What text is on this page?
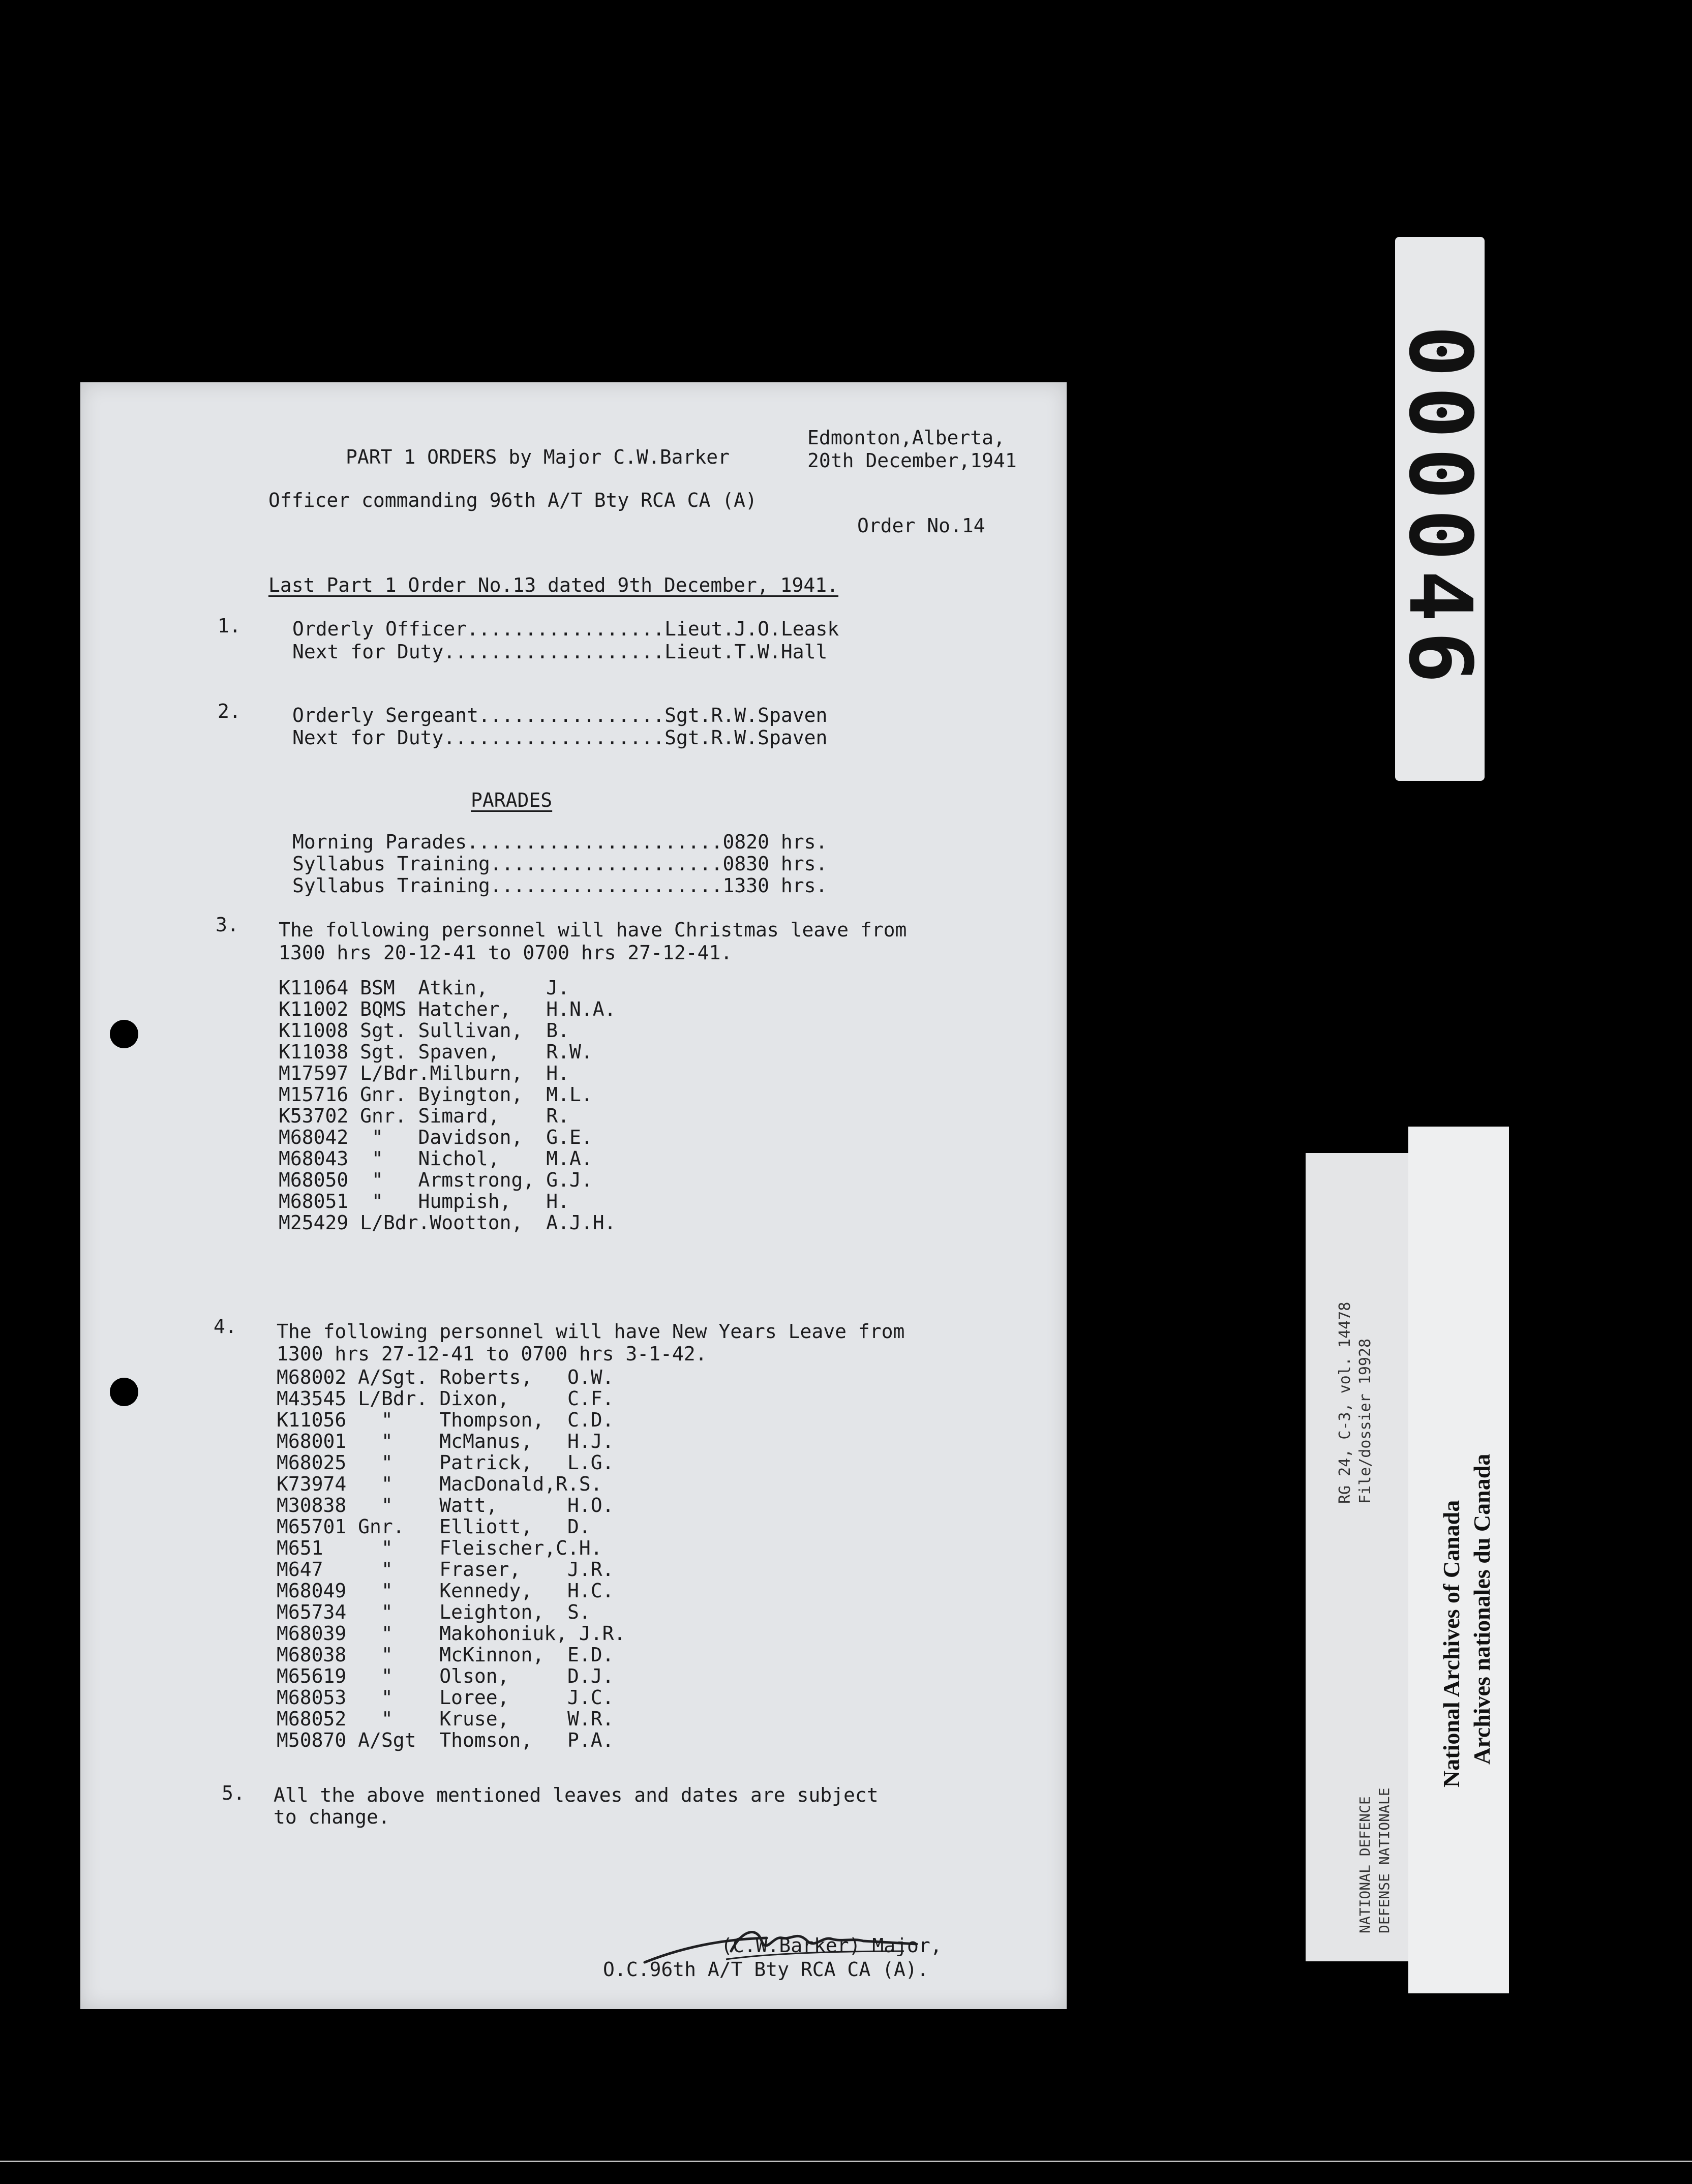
Edmonton,Alberta,
20th December,1941
PART 1 ORDERS by Major C.W.Barker
Officer commanding 96th A/T Bty RCA CA (A)
Order No.14
Last Part 1 Order No.13 dated 9th December, 1941.
1.	Orderly Officer.................Lieut.J.O.Leask
Next for Duty...................Lieut.T.W.Hall
2.	Orderly Sergeant................Sgt.R.W.Spaven
Next for Duty...................Sgt.R.W.Spaven
PARADES
Morning Parades......................0820 hrs.
Syllabus Training....................0830 hrs.
Syllabus Training....................1330 hrs.
3. The following personnel will have Christmas leave from
1300 hrs 20-12-41 to 0700 hrs 27-12-41.
K11064 BSM  Atkin,     J.
K11002 BQMS Hatcher,   H.N.A.
K11008 Sgt. Sullivan,  B.
K11038 Sgt. Spaven,    R.W.
M17597 L/Bdr.Milburn,  H.
M15716 Gnr. Byington,  M.L.
K53702 Gnr. Simard,    R.
M68042  "   Davidson,  G.E.
M68043  "   Nichol,    M.A.
M68050  "   Armstrong, G.J.
M68051  "   Humpish,   H.
M25429 L/Bdr.Wootton,  A.J.H.
4. The following personnel will have New Years Leave from
1300 hrs 27-12-41 to 0700 hrs 3-1-42.
M68002 A/Sgt. Roberts,   O.W.
M43545 L/Bdr. Dixon,     C.F.
K11056   "    Thompson,  C.D.
M68001   "    McManus,   H.J.
M68025   "    Patrick,   L.G.
K73974   "    MacDonald,R.S.
M30838   "    Watt,      H.O.
M65701 Gnr.   Elliott,   D.
M651     "    Fleischer,C.H.
M647     "    Fraser,    J.R.
M68049   "    Kennedy,   H.C.
M65734   "    Leighton,  S.
M68039   "    Makohoniuk, J.R.
M68038   "    McKinnon,  E.D.
M65619   "    Olson,     D.J.
M68053   "    Loree,     J.C.
M68052   "    Kruse,     W.R.
M50870 A/Sgt  Thomson,   P.A.
5. All the above mentioned leaves and dates are subject
to change.
(C.W.Barker) Major,
O.C.96th A/T Bty RCA CA (A).
000046
RG 24, C-3, vol. 14478 File/dossier 19928
NATIONAL DEFENCE DEFENSE NATIONALE
National Archives of Canada Archives nationales du Canada
